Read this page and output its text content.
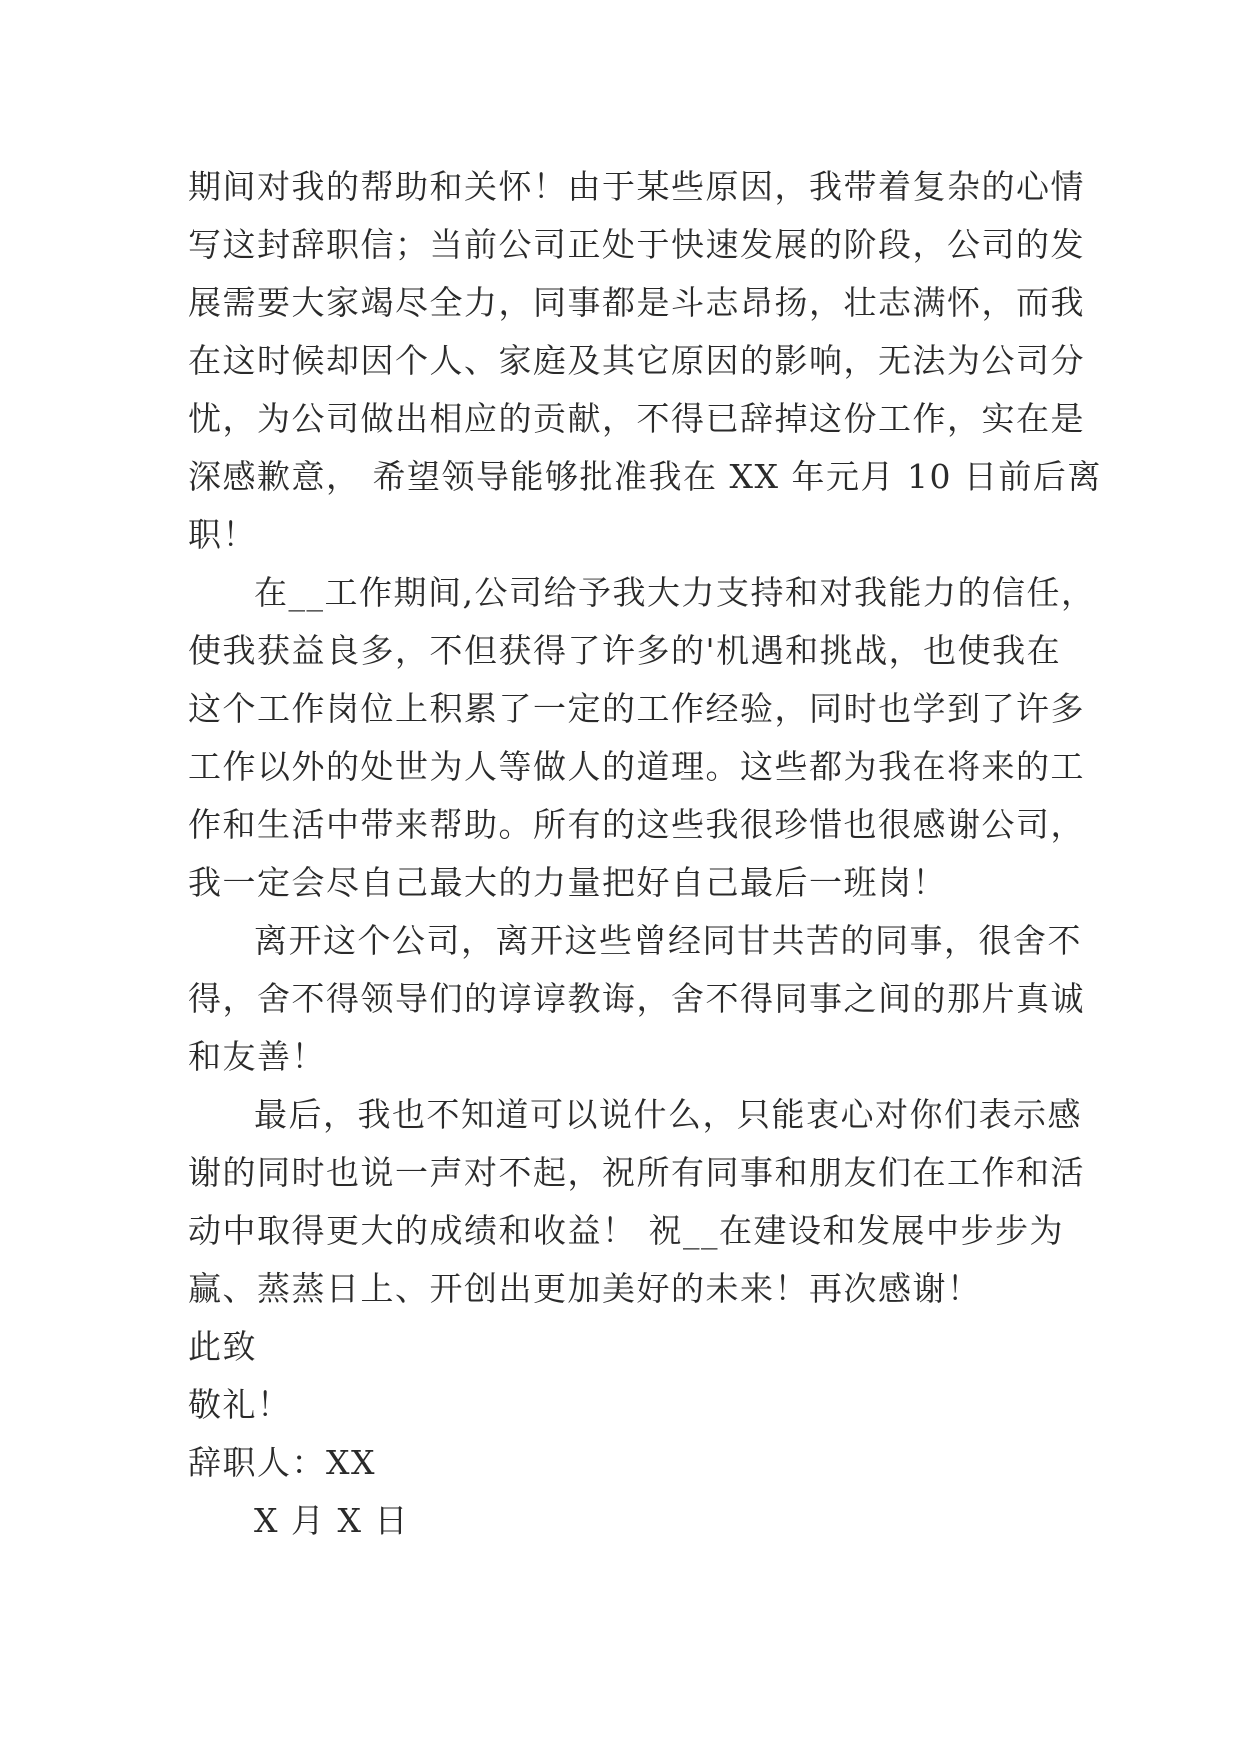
期间对我的帮助和关怀！由于某些原因，我带着复杂的心情
写这封辞职信；当前公司正处于快速发展的阶段，公司的发
展需要大家竭尽全力，同事都是斗志昂扬，壮志满怀，而我
在这时候却因个人、家庭及其它原因的影响，无法为公司分
忧，为公司做出相应的贡献，不得已辞掉这份工作，实在是
深感歉意， 希望领导能够批准我在 XX 年元月 10 日前后离
职！
在__工作期间,公司给予我大力支持和对我能力的信任，
使我获益良多，不但获得了许多的'机遇和挑战，也使我在
这个工作岗位上积累了一定的工作经验，同时也学到了许多
工作以外的处世为人等做人的道理。这些都为我在将来的工
作和生活中带来帮助。所有的这些我很珍惜也很感谢公司，
我一定会尽自己最大的力量把好自己最后一班岗！
离开这个公司，离开这些曾经同甘共苦的同事，很舍不
得，舍不得领导们的谆谆教诲，舍不得同事之间的那片真诚
和友善！
最后，我也不知道可以说什么，只能衷心对你们表示感
谢的同时也说一声对不起，祝所有同事和朋友们在工作和活
动中取得更大的成绩和收益！ 祝__在建设和发展中步步为
赢、蒸蒸日上、开创出更加美好的未来！再次感谢！
此致
敬礼！
辞职人：XX
X 月 X 日
